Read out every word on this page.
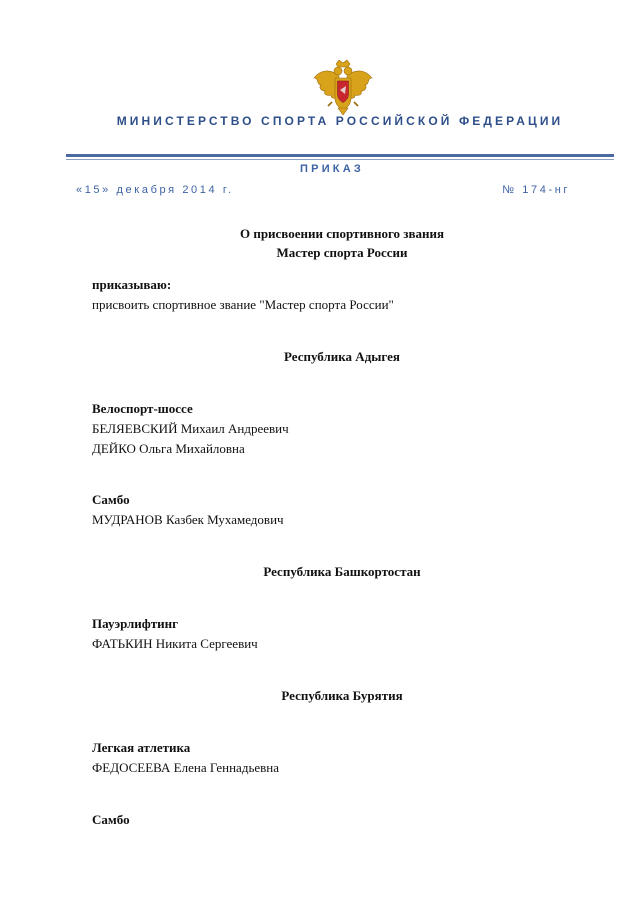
МИНИСТЕРСТВО СПОРТА РОССИЙСКОЙ ФЕДЕРАЦИИ
ПРИКАЗ
«15» декабря 2014 г.	№ 174-нг
О присвоении спортивного звания
Мастер спорта России
приказываю:
присвоить спортивное звание "Мастер спорта России"
Республика Адыгея
Велоспорт-шоссе
БЕЛЯЕВСКИЙ Михаил Андреевич
ДЕЙКО Ольга Михайловна
Самбо
МУДРАНОВ Казбек Мухамедович
Республика Башкортостан
Пауэрлифтинг
ФАТЬКИН Никита Сергеевич
Республика Бурятия
Легкая атлетика
ФЕДОСЕЕВА Елена Геннадьевна
Самбо
